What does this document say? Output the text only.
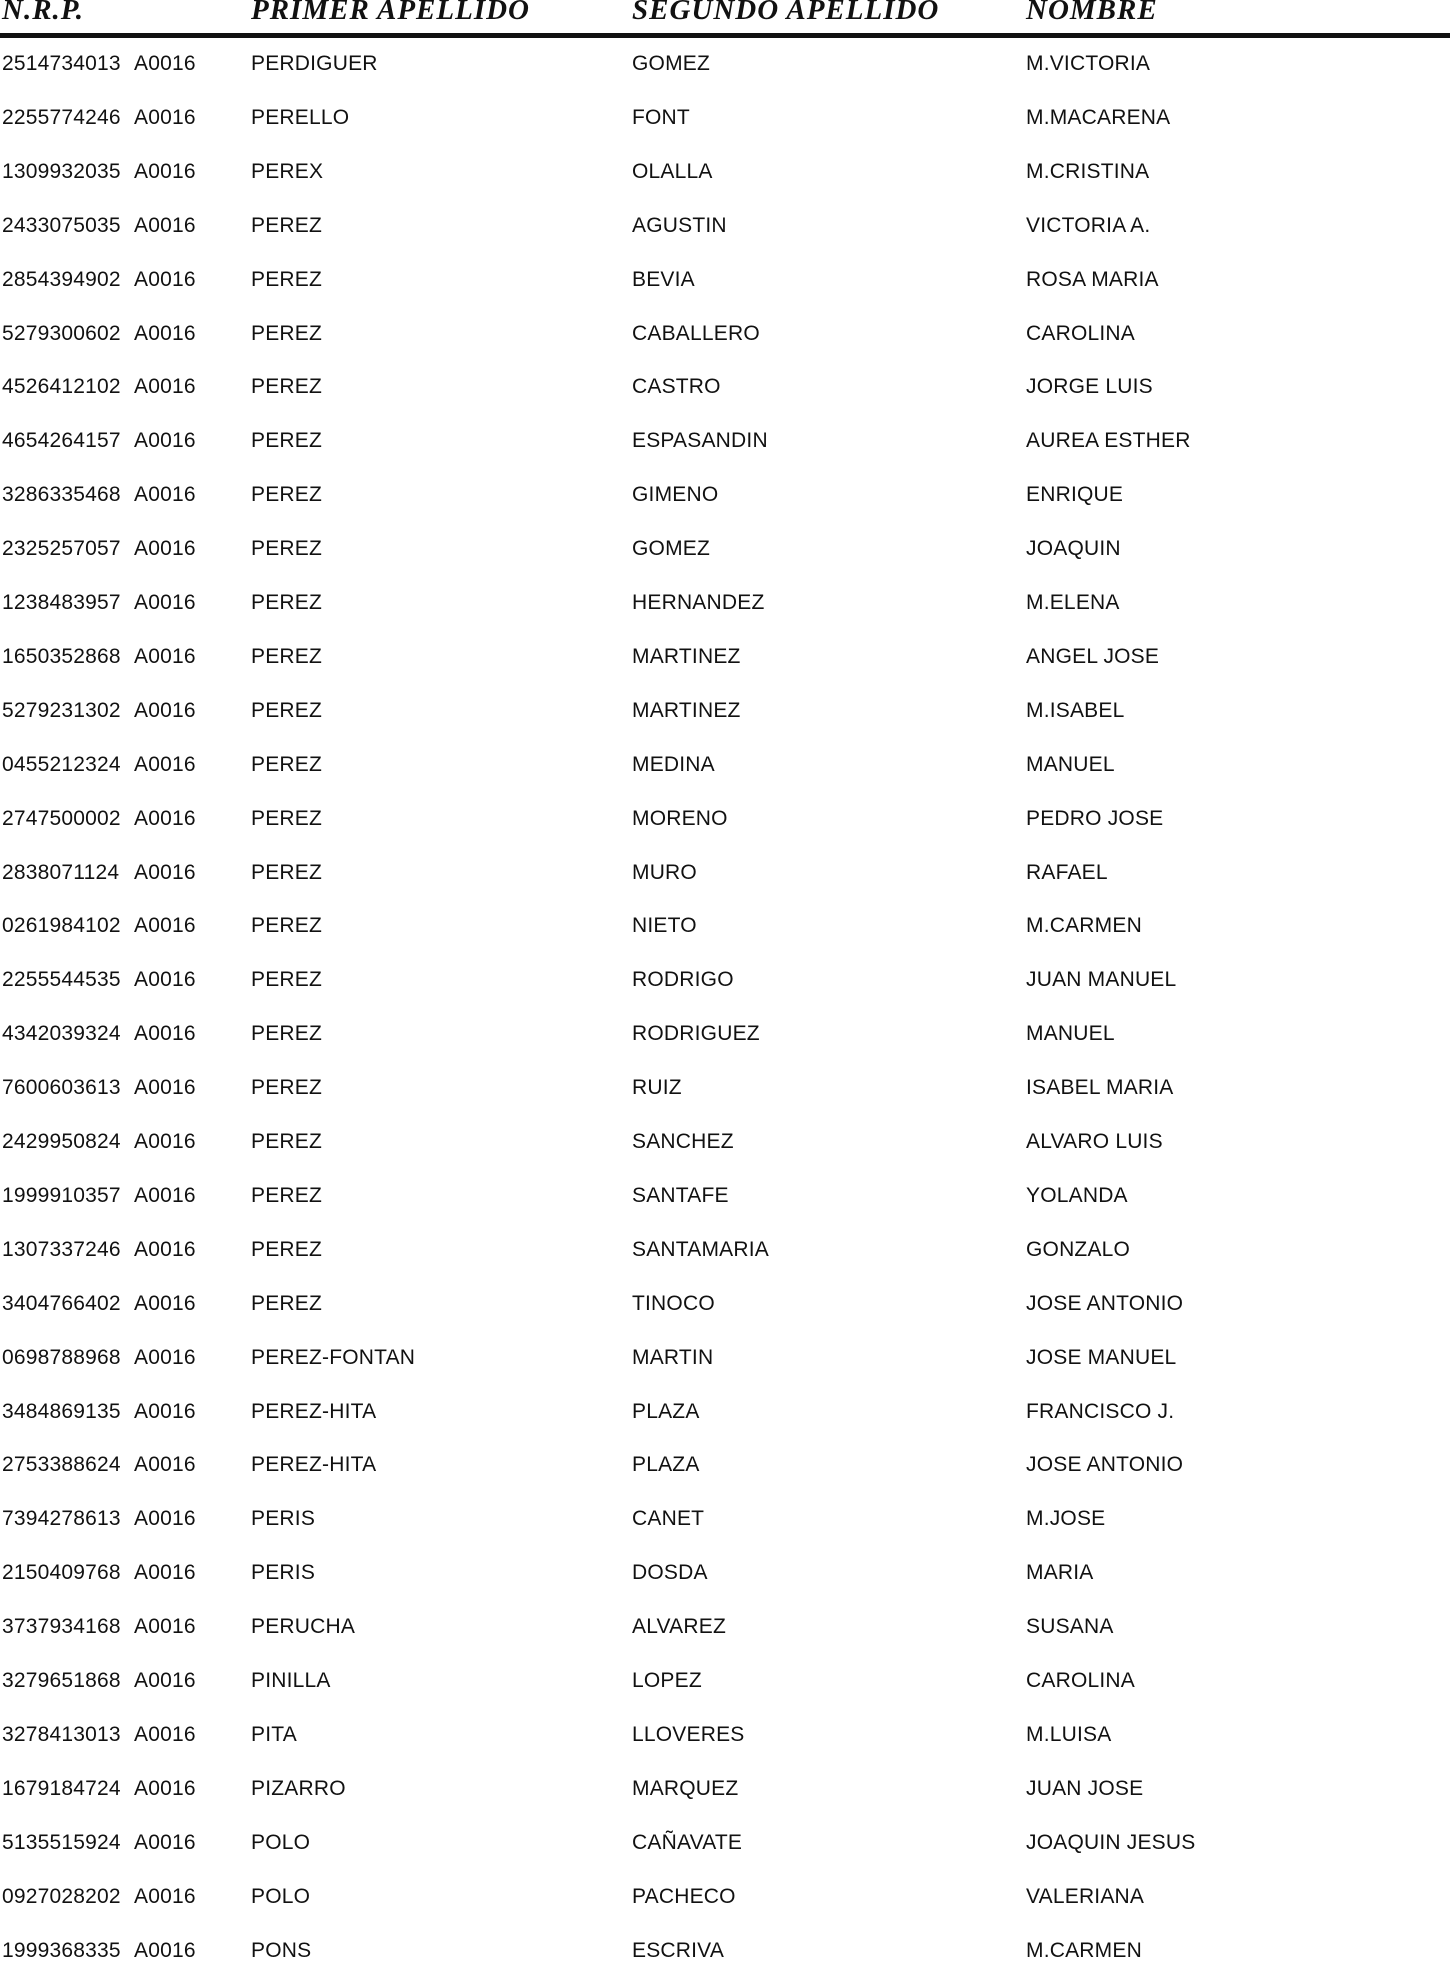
N.R.P.	PRIMER APELLIDO	SEGUNDO APELLIDO	NOMBRE
2514734013 A0016	PERDIGUER	GOMEZ	M.VICTORIA
2255774246 A0016	PERELLO	FONT	M.MACARENA
1309932035 A0016	PEREX	OLALLA	M.CRISTINA
2433075035 A0016	PEREZ	AGUSTIN	VICTORIA A.
2854394902 A0016	PEREZ	BEVIA	ROSA MARIA
5279300602 A0016	PEREZ	CABALLERO	CAROLINA
4526412102 A0016	PEREZ	CASTRO	JORGE LUIS
4654264157 A0016	PEREZ	ESPASANDIN	AUREA ESTHER
3286335468 A0016	PEREZ	GIMENO	ENRIQUE
2325257057 A0016	PEREZ	GOMEZ	JOAQUIN
1238483957 A0016	PEREZ	HERNANDEZ	M.ELENA
1650352868 A0016	PEREZ	MARTINEZ	ANGEL JOSE
5279231302 A0016	PEREZ	MARTINEZ	M.ISABEL
0455212324 A0016	PEREZ	MEDINA	MANUEL
2747500002 A0016	PEREZ	MORENO	PEDRO JOSE
2838071124 A0016	PEREZ	MURO	RAFAEL
0261984102 A0016	PEREZ	NIETO	M.CARMEN
2255544535 A0016	PEREZ	RODRIGO	JUAN MANUEL
4342039324 A0016	PEREZ	RODRIGUEZ	MANUEL
7600603613 A0016	PEREZ	RUIZ	ISABEL MARIA
2429950824 A0016	PEREZ	SANCHEZ	ALVARO LUIS
1999910357 A0016	PEREZ	SANTAFE	YOLANDA
1307337246 A0016	PEREZ	SANTAMARIA	GONZALO
3404766402 A0016	PEREZ	TINOCO	JOSE ANTONIO
0698788968 A0016	PEREZ-FONTAN	MARTIN	JOSE MANUEL
3484869135 A0016	PEREZ-HITA	PLAZA	FRANCISCO J.
2753388624 A0016	PEREZ-HITA	PLAZA	JOSE ANTONIO
7394278613 A0016	PERIS	CANET	M.JOSE
2150409768 A0016	PERIS	DOSDA	MARIA
3737934168 A0016	PERUCHA	ALVAREZ	SUSANA
3279651868 A0016	PINILLA	LOPEZ	CAROLINA
3278413013 A0016	PITA	LLOVERES	M.LUISA
1679184724 A0016	PIZARRO	MARQUEZ	JUAN JOSE
5135515924 A0016	POLO	CAÑAVATE	JOAQUIN JESUS
0927028202 A0016	POLO	PACHECO	VALERIANA
1999368335 A0016	PONS	ESCRIVA	M.CARMEN
